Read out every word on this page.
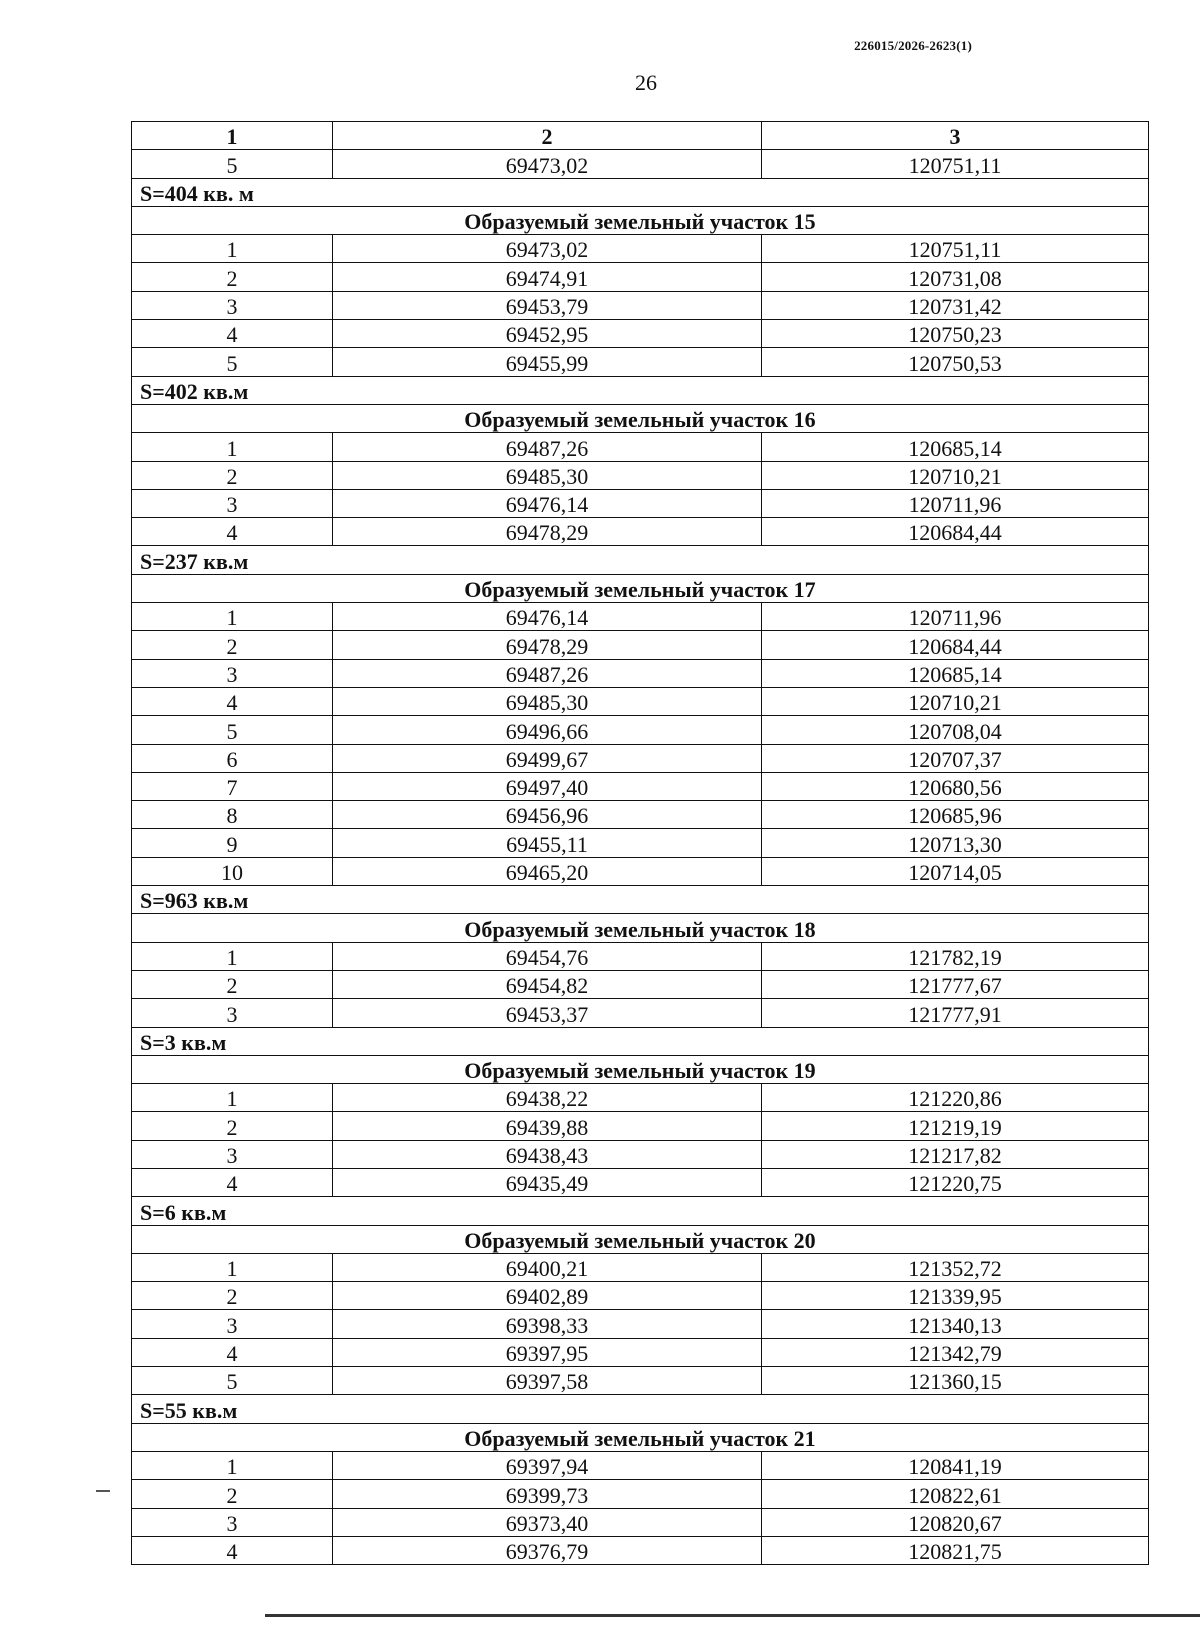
226015/2026-2623(1)
26
1	2	3
5	69473,02	120751,11
S=404 кв. м		
Образуемый земельный участок 15		
1	69473,02	120751,11
2	69474,91	120731,08
3	69453,79	120731,42
4	69452,95	120750,23
5	69455,99	120750,53
S=402 кв.м		
Образуемый земельный участок 16		
1	69487,26	120685,14
2	69485,30	120710,21
3	69476,14	120711,96
4	69478,29	120684,44
S=237 кв.м		
Образуемый земельный участок 17		
1	69476,14	120711,96
2	69478,29	120684,44
3	69487,26	120685,14
4	69485,30	120710,21
5	69496,66	120708,04
6	69499,67	120707,37
7	69497,40	120680,56
8	69456,96	120685,96
9	69455,11	120713,30
10	69465,20	120714,05
S=963 кв.м		
Образуемый земельный участок 18		
1	69454,76	121782,19
2	69454,82	121777,67
3	69453,37	121777,91
S=3 кв.м		
Образуемый земельный участок 19		
1	69438,22	121220,86
2	69439,88	121219,19
3	69438,43	121217,82
4	69435,49	121220,75
S=6 кв.м		
Образуемый земельный участок 20		
1	69400,21	121352,72
2	69402,89	121339,95
3	69398,33	121340,13
4	69397,95	121342,79
5	69397,58	121360,15
S=55 кв.м		
Образуемый земельный участок 21		
1	69397,94	120841,19
2	69399,73	120822,61
3	69373,40	120820,67
4	69376,79	120821,75
